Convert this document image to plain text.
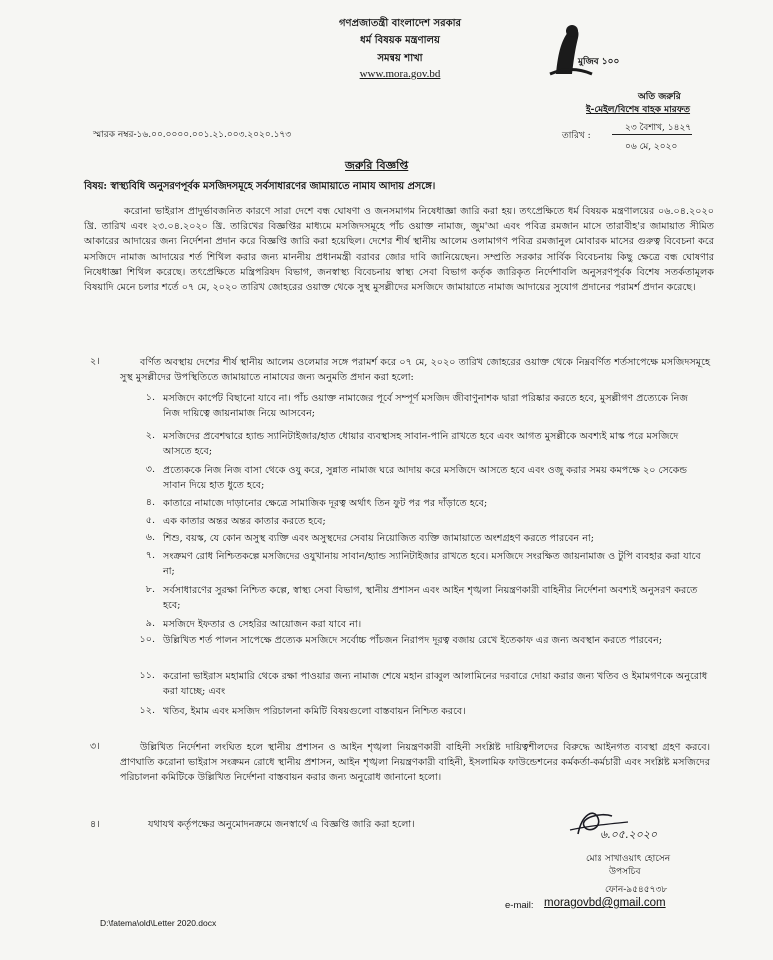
গণপ্রজাতন্ত্রী বাংলাদেশ সরকার
ধর্ম বিষয়ক মন্ত্রণালয়
সমন্বয় শাখা
www.mora.gov.bd
মুজিব ১০০
অতি জরুরি
ই-মেইল/বিশেষ বাহক মারফত
স্মারক নম্বর-১৬.০০.০০০০.০০১.২১.০০৩.২০২০.১৭৩
২৩ বৈশাখ, ১৪২৭
তারিখ :
০৬ মে, ২০২০
জরুরি বিজ্ঞপ্তি
বিষয়: স্বাস্থ্যবিধি অনুসরণপূর্বক মসজিদসমূহে সর্বসাধারণের জামায়াতে নামায আদায় প্রসঙ্গে।
করোনা ভাইরাস প্রাদুর্ভাবজনিত কারণে সারা দেশে বন্ধ ঘোষণা ও জনসমাগম নিষেধাজ্ঞা জারি করা হয়। তৎপ্রেক্ষিতে ধর্ম বিষয়ক মন্ত্রণালয়ের ০৬.০৪.২০২০ খ্রি. তারিখ এবং ২৩.০৪.২০২০ খ্রি. তারিখের বিজ্ঞপ্তির মাধ্যমে মসজিদসমূহে পাঁচ ওয়াক্ত নামাজ, জুম'আ এবং পবিত্র রমজান মাসে তারাবীহ'র জামায়াত সীমিত আকারের আদায়ের জন্য নির্দেশনা প্রদান করে বিজ্ঞপ্তি জারি করা হয়েছিল। দেশের শীর্ষ স্থানীয় আলেম ওলামাগণ পবিত্র রমজানুল মোবারক মাসের গুরুত্ব বিবেচনা করে মসজিদে নামাজ আদায়ের শর্ত শিথিল করার জন্য মাননীয় প্রধানমন্ত্রী বরাবর জোর দাবি জানিয়েছেন। সম্প্রতি সরকার সার্বিক বিবেচনায় কিছু ক্ষেত্রে বন্ধ ঘোষণার নিষেধাজ্ঞা শিথিল করেছে। তৎপ্রেক্ষিতে মন্ত্রিপরিষদ বিভাগ, জনস্বাস্থ্য বিবেচনায় স্বাস্থ্য সেবা বিভাগ কর্তৃক জারিকৃত নির্দেশাবলি অনুসরণপূর্বক বিশেষ সতর্কতামূলক বিষয়াদি মেনে চলার শর্তে ০৭ মে, ২০২০ তারিখ জোহরের ওয়াক্ত থেকে সুস্থ মুসল্লীদের মসজিদে জামায়াতে নামাজ আদায়ের সুযোগ প্রদানের পরামর্শ প্রদান করেছে।
২।	বর্ণিত অবস্থায় দেশের শীর্ষ স্থানীয় আলেম ওলেমার সঙ্গে পরামর্শ করে ০৭ মে, ২০২০ তারিখ জোহরের ওয়াক্ত থেকে নিম্নবর্ণিত শর্তসাপেক্ষে মসজিদসমূহে সুস্থ মুসল্লীদের উপস্থিতিতে জামায়াতে নামাযের জন্য অনুমতি প্রদান করা হলো:
১. মসজিদে কার্পেট বিছানো যাবে না। পাঁচ ওয়াক্ত নামাজের পূর্বে সম্পূর্ণ মসজিদ জীবাণুনাশক দ্বারা পরিষ্কার করতে হবে, মুসল্লীগণ প্রত্যেকে নিজ নিজ দায়িত্বে জায়নামাজ নিয়ে আসবেন;
২. মসজিদের প্রবেশদ্বারে হ্যান্ড স্যানিটাইজার/হাত ধোয়ার ব্যবস্থাসহ সাবান-পানি রাখতে হবে এবং আগত মুসল্লীকে অবশ্যই মাস্ক পরে মসজিদে আসতে হবে;
৩. প্রত্যেককে নিজ নিজ বাসা থেকে ওযু করে, সুন্নাত নামাজ ঘরে আদায় করে মসজিদে আসতে হবে এবং ওজু করার সময় কমপক্ষে ২০ সেকেন্ড সাবান দিয়ে হাত ধুতে হবে;
৪. কাতারে নামাজে দাড়ানোর ক্ষেত্রে সামাজিক দূরত্ব অর্থাৎ তিন ফুট পর পর দাঁড়াতে হবে;
৫. এক কাতার অন্তর অন্তর কাতার করতে হবে;
৬. শিশু, বয়স্ক, যে কোন অসুস্থ ব্যক্তি এবং অসুস্থদের সেবায় নিয়োজিত ব্যক্তি জামায়াতে অংশগ্রহণ করতে পারবেন না;
৭. সংক্রমণ রোধ নিশ্চিতকল্পে মসজিদের ওযুখানায় সাবান/হ্যান্ড স্যানিটাইজার রাখতে হবে। মসজিদে সংরক্ষিত জায়নামাজ ও টুপি ব্যবহার করা যাবে না;
৮. সর্বসাধারণের সুরক্ষা নিশ্চিত কল্পে, স্বাস্থ্য সেবা বিভাগ, স্থানীয় প্রশাসন এবং আইন শৃঙ্খলা নিয়ন্ত্রণকারী বাহিনীর নির্দেশনা অবশ্যই অনুসরণ করতে হবে;
৯. মসজিদে ইফতার ও সেহরির আয়োজন করা যাবে না।
১০. উল্লিখিত শর্ত পালন সাপেক্ষে প্রত্যেক মসজিদে সর্বোচ্চ পাঁচজন নিরাপদ দূরত্ব বজায় রেখে ইতেকাফ এর জন্য অবস্থান করতে পারবেন;
১১. করোনা ভাইরাস মহামারি থেকে রক্ষা পাওয়ার জন্য নামাজ শেষে মহান রাব্বুল আলামিনের দরবারে দোয়া করার জন্য খতিব ও ইমামগণকে অনুরোধ করা যাচ্ছে; এবং
১২. খতিব, ইমাম এবং মসজিদ পরিচালনা কমিটি বিষয়গুলো বাস্তবায়ন নিশ্চিত করবে।
৩।	উল্লিখিত নির্দেশনা লংঘিত হলে স্থানীয় প্রশাসন ও আইন শৃঙ্খলা নিয়ন্ত্রণকারী বাহিনী সংশ্লিষ্ট দায়িত্বশীলদের বিরুদ্ধে আইনগত ব্যবস্থা গ্রহণ করবে। প্রাণঘাতি করোনা ভাইরাস সংক্রমন রোধে স্থানীয় প্রশাসন, আইন শৃঙ্খলা নিয়ন্ত্রণকারী বাহিনী, ইসলামিক ফাউন্ডেশনের কর্মকর্তা-কর্মচারী এবং সংশ্লিষ্ট মসজিদের পরিচালনা কমিটিকে উল্লিখিত নির্দেশনা বাস্তবায়ন করার জন্য অনুরোধ জানানো হলো।
৪।	যথাযথ কর্তৃপক্ষের অনুমোদনক্রমে জনস্বার্থে এ বিজ্ঞপ্তি জারি করা হলো।
৬.০৫.২০২০
মোঃ সাখাওয়াৎ হোসেন
উপসচিব
ফোন-৯৫৪৫৭৩৮
e-mail: moragovbd@gmail.com
D:\fatema\old\Letter 2020.docx
